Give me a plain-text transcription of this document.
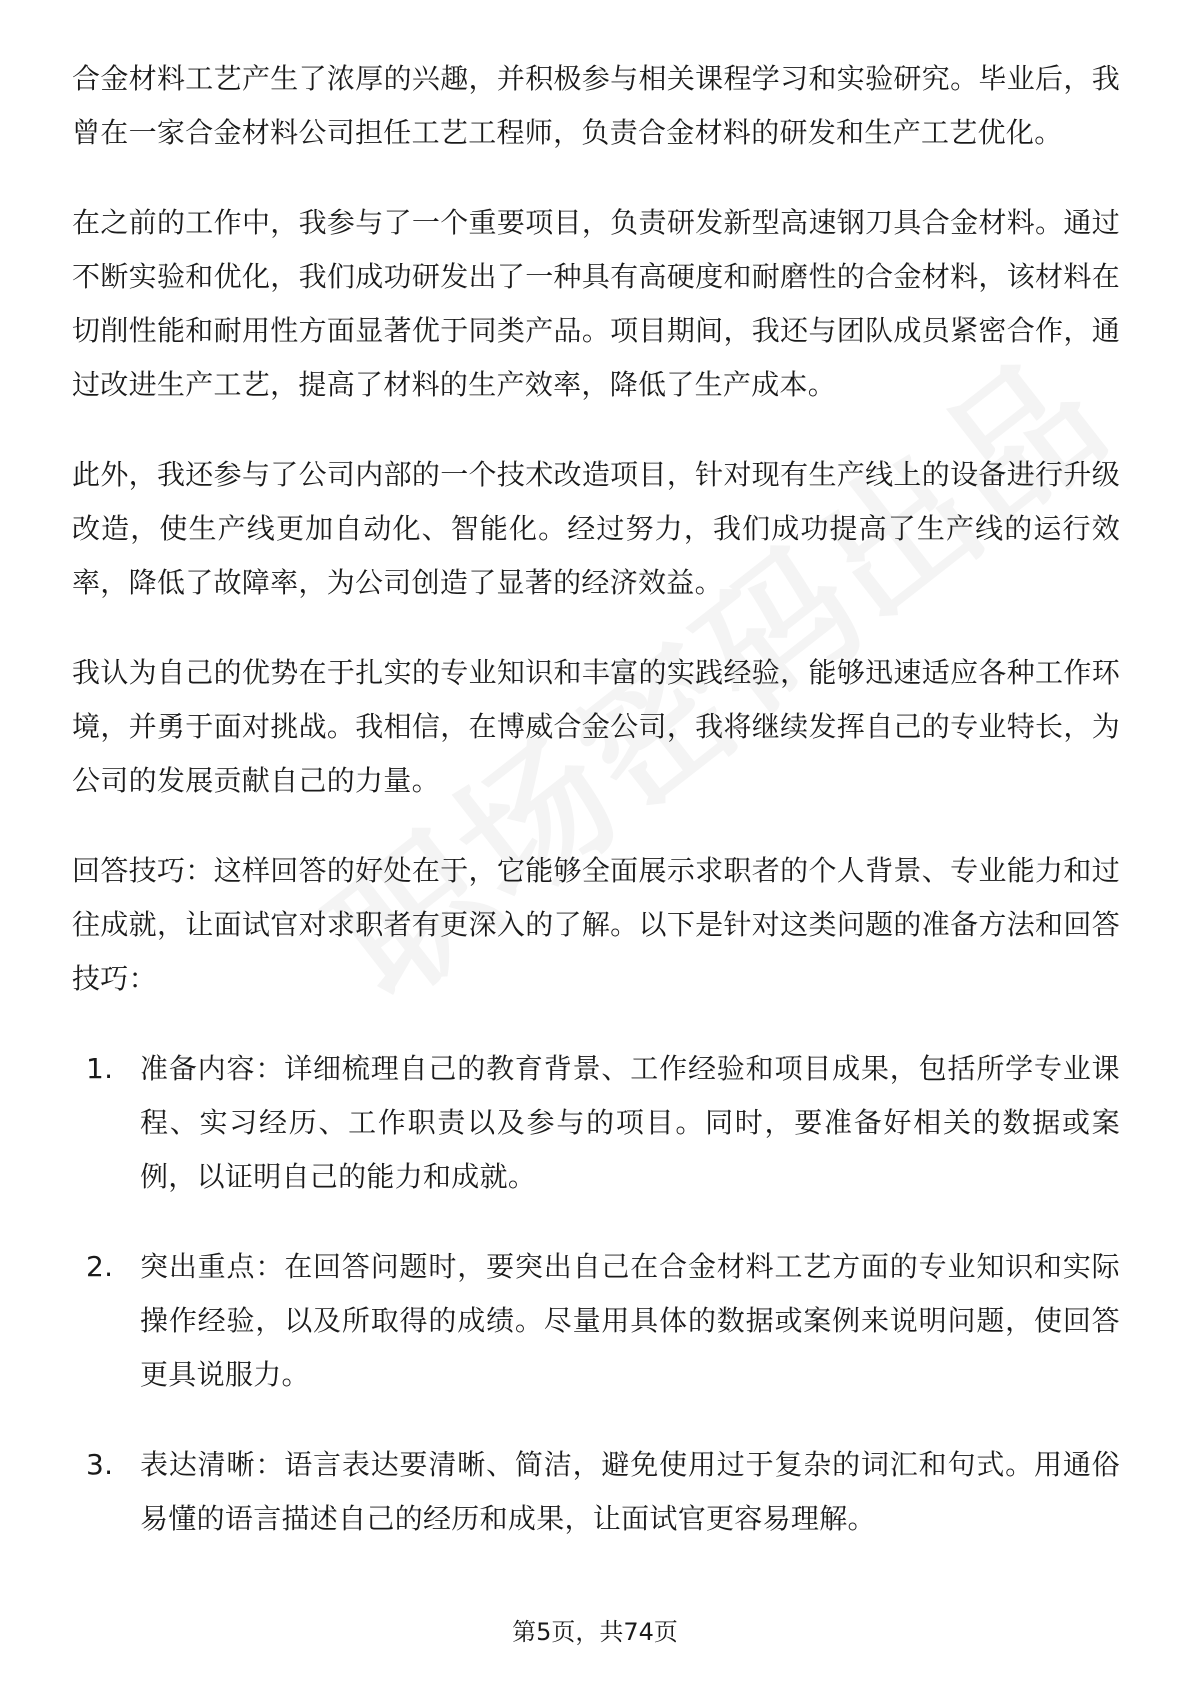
合金材料工艺产生了浓厚的兴趣，并积极参与相关课程学习和实验研究。毕业后，我曾在一家合金材料公司担任工艺工程师，负责合金材料的研发和生产工艺优化。

在之前的工作中，我参与了一个重要项目，负责研发新型高速钢刀具合金材料。通过不断实验和优化，我们成功研发出了一种具有高硬度和耐磨性的合金材料，该材料在切削性能和耐用性方面显著优于同类产品。项目期间，我还与团队成员紧密合作，通过改进生产工艺，提高了材料的生产效率，降低了生产成本。

此外，我还参与了公司内部的一个技术改造项目，针对现有生产线上的设备进行升级改造，使生产线更加自动化、智能化。经过努力，我们成功提高了生产线的运行效率，降低了故障率，为公司创造了显著的经济效益。

我认为自己的优势在于扎实的专业知识和丰富的实践经验，能够迅速适应各种工作环境，并勇于面对挑战。我相信，在博威合金公司，我将继续发挥自己的专业特长，为公司的发展贡献自己的力量。

回答技巧：这样回答的好处在于，它能够全面展示求职者的个人背景、专业能力和过往成就，让面试官对求职者有更深入的了解。以下是针对这类问题的准备方法和回答技巧：

1. 准备内容：详细梳理自己的教育背景、工作经验和项目成果，包括所学专业课程、实习经历、工作职责以及参与的项目。同时，要准备好相关的数据或案例，以证明自己的能力和成就。
2. 突出重点：在回答问题时，要突出自己在合金材料工艺方面的专业知识和实际操作经验，以及所取得的成绩。尽量用具体的数据或案例来说明问题，使回答更具说服力。
3. 表达清晰：语言表达要清晰、简洁，避免使用过于复杂的词汇和句式。用通俗易懂的语言描述自己的经历和成果，让面试官更容易理解。
第5页，共74页
